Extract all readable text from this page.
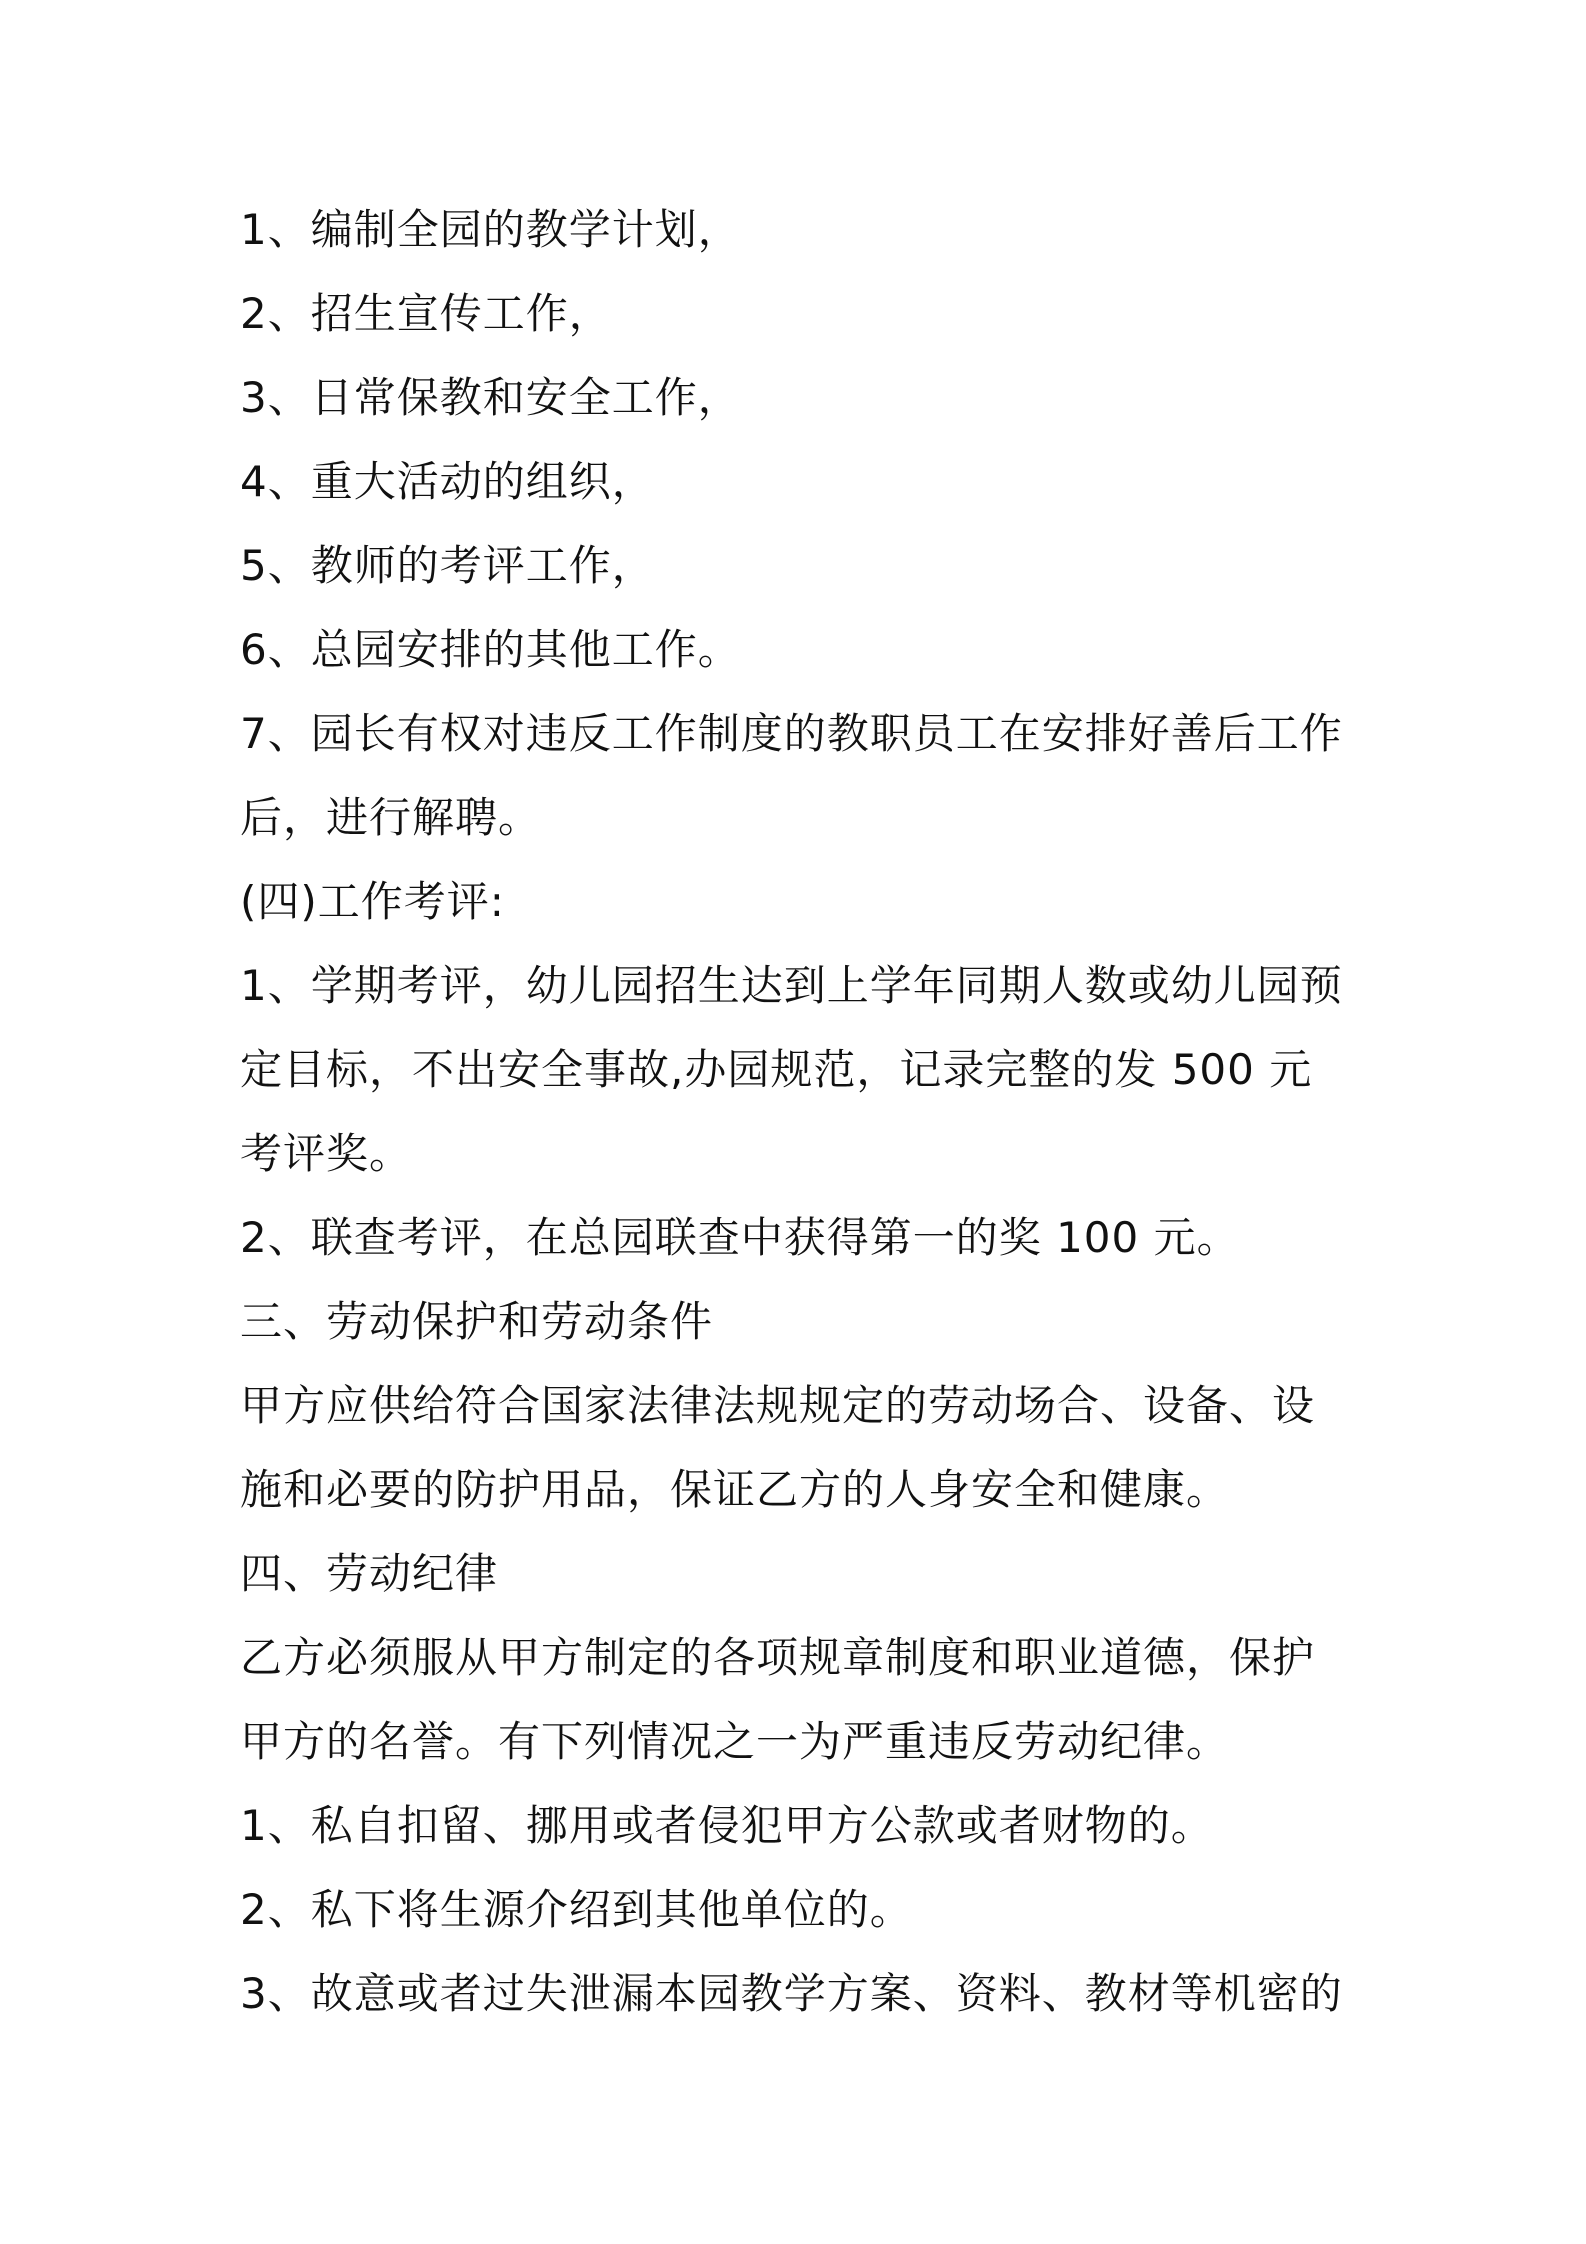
1、编制全园的教学计划，

2、招生宣传工作，

3、日常保教和安全工作，

4、重大活动的组织，

5、教师的考评工作，

6、总园安排的其他工作。

7、园长有权对违反工作制度的教职员工在安排好善后工作后，进行解聘。

(四)工作考评:

1、学期考评，幼儿园招生达到上学年同期人数或幼儿园预定目标，不出安全事故,办园规范，记录完整的发 500 元考评奖。

2、联查考评，在总园联查中获得第一的奖 100 元。

三、劳动保护和劳动条件

甲方应供给符合国家法律法规规定的劳动场合、设备、设施和必要的防护用品，保证乙方的人身安全和健康。

四、劳动纪律

乙方必须服从甲方制定的各项规章制度和职业道德，保护甲方的名誉。有下列情况之一为严重违反劳动纪律。

1、私自扣留、挪用或者侵犯甲方公款或者财物的。

2、私下将生源介绍到其他单位的。

3、故意或者过失泄漏本园教学方案、资料、教材等机密的
